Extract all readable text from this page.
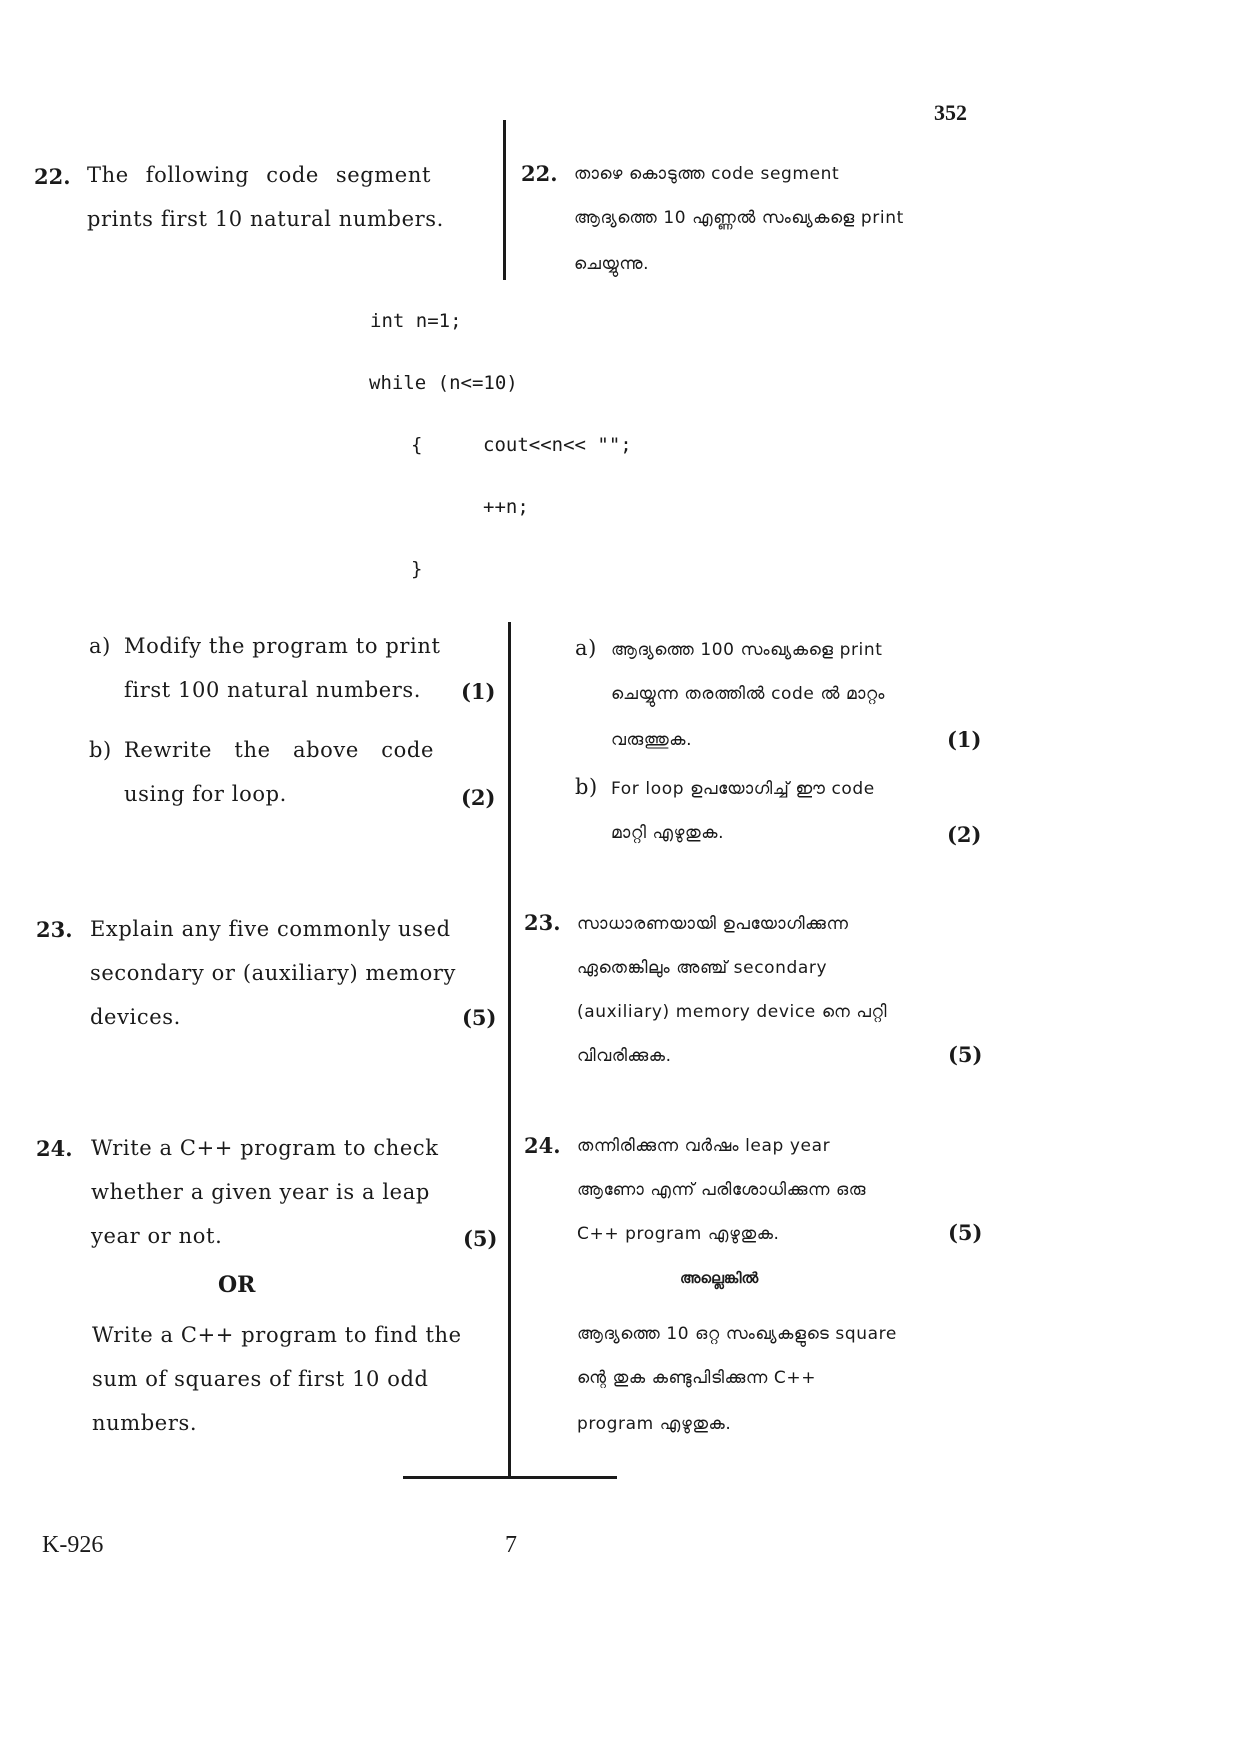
352
22. The following code segment
prints first 10 natural numbers.
22. താഴെ കൊടുത്ത code segment
ആദ്യത്തെ 10 എണ്ണൽ സംഖ്യകളെ print
ചെയ്യുന്നു.
int n=1;
while (n<=10)
{	cout<<n<< "";
++n;
}
a) Modify the program to print
first 100 natural numbers. (1)
b) Rewrite the above code
using for loop.	(2)
a) ആദ്യത്തെ 100 സംഖ്യകളെ print
ചെയ്യുന്ന തരത്തിൽ code ൽ മാറ്റം
വരുത്തുക.	(1)
b) For loop ഉപയോഗിച്ച് ഈ code
മാറ്റി എഴുതുക.	(2)
23. Explain any five commonly used
secondary or (auxiliary) memory
devices.	(5)
23. സാധാരണയായി ഉപയോഗിക്കുന്ന
ഏതെങ്കിലും അഞ്ച് secondary
(auxiliary) memory device നെ പറ്റി
വിവരിക്കുക.	(5)
24. Write a C++ program to check
whether a given year is a leap
year or not.	(5)
OR
Write a C++ program to find the
sum of squares of first 10 odd
numbers.
24. തന്നിരിക്കുന്ന വർഷം leap year
ആണോ എന്ന് പരിശോധിക്കുന്ന ഒരു
C++ program എഴുതുക.	(5)
അല്ലെങ്കിൽ
ആദ്യത്തെ 10 ഒറ്റ സംഖ്യകളുടെ square
ന്റെ തുക കണ്ടുപിടിക്കുന്ന C++
program എഴുതുക.
K-926	7
